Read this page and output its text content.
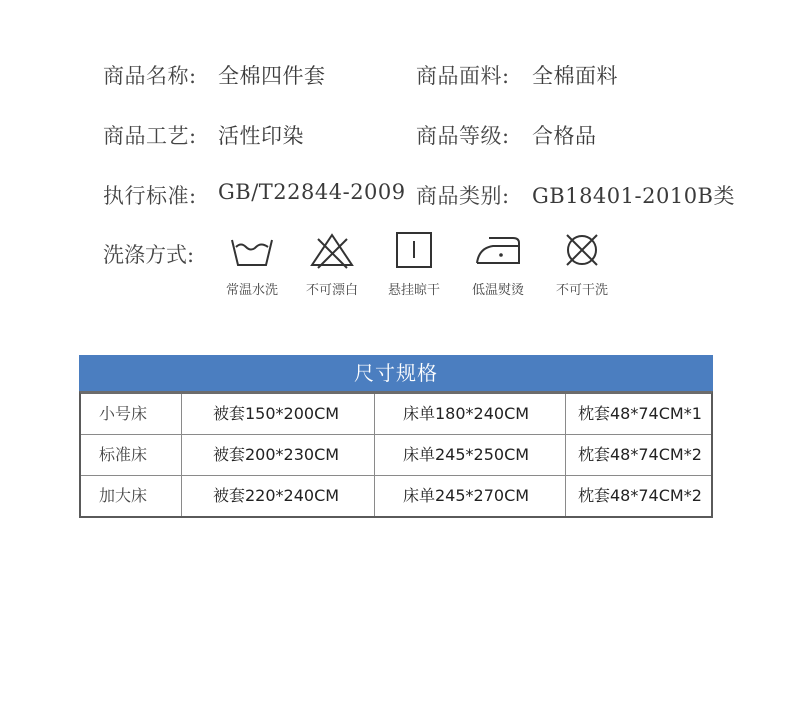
商品名称: 全棉四件套	商品面料: 全棉面料
商品工艺: 活性印染	商品等级: 合格品
执行标准: GB/T22844-2009 商品类别: GB18401-2010B类
洗涤方式:
常温水洗	不可漂白	悬挂晾干	低温熨烫	不可干洗
尺寸规格
小号床	被套150*200CM	床单180*240CM	枕套48*74CM*1
标准床	被套200*230CM	床单245*250CM	枕套48*74CM*2
加大床	被套220*240CM	床单245*270CM	枕套48*74CM*2
